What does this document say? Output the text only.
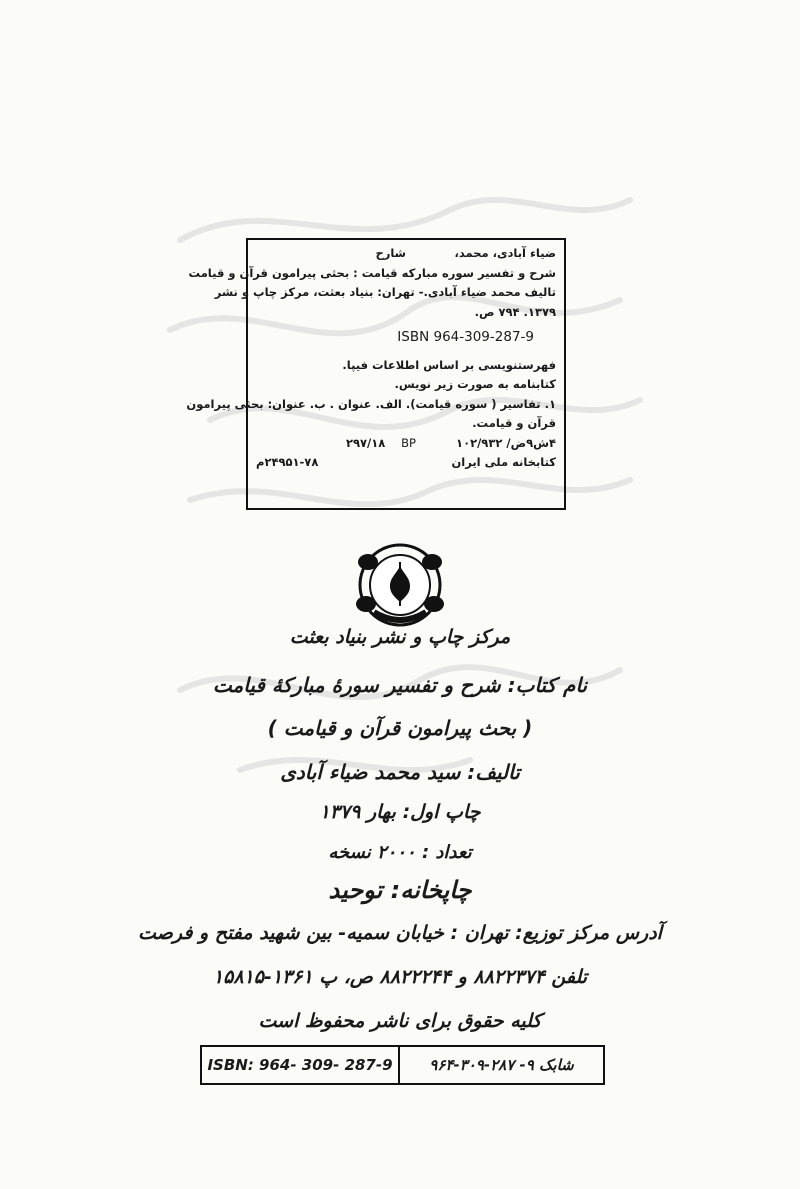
ضیاء آبادی، محمد،
شارح
شرح و تفسیر سوره مبارکه قیامت : بحثی پیرامون قرآن و قیامت
تالیف محمد ضیاء آبادی.- تهران: بنیاد بعثت، مرکز چاپ و نشر
۱۳۷۹. ۷۹۴ ص.
ISBN 964-309-287-9
فهرستنویسی بر اساس اطلاعات فیپا.
کتابنامه به صورت زیر نویس.
۱. تفاسیر ( سوره قیامت). الف. عنوان . ب. عنوان: بحثی پیرامون
قرآن و قیامت.
۴ش۹ض/ ۱۰۲/۹۳۲
BP
۲۹۷/۱۸
کتابخانه ملی ایران
۲۴۹۵۱-۷۸م
مرکز چاپ و نشر بنیاد بعثت
نام کتاب: شرح و تفسیر سورهٔ مبارکهٔ قیامت
( بحث پیرامون قرآن و قیامت )
تالیف: سید محمد ضیاء آبادی
چاپ اول: بهار ۱۳۷۹
تعداد : ۲۰۰۰ نسخه
چاپخانه: توحید
آدرس مرکز توزیع: تهران : خیابان سمیه- بین شهید مفتح و فرصت
تلفن ۸۸۲۲۳۷۴ و ۸۸۲۲۲۴۴ ص، پ ۱۳۶۱-۱۵۸۱۵
کلیه حقوق برای ناشر محفوظ است
ISBN: 964- 309- 287-9	شابک ۹- ۲۸۷-۳۰۹-۹۶۴
